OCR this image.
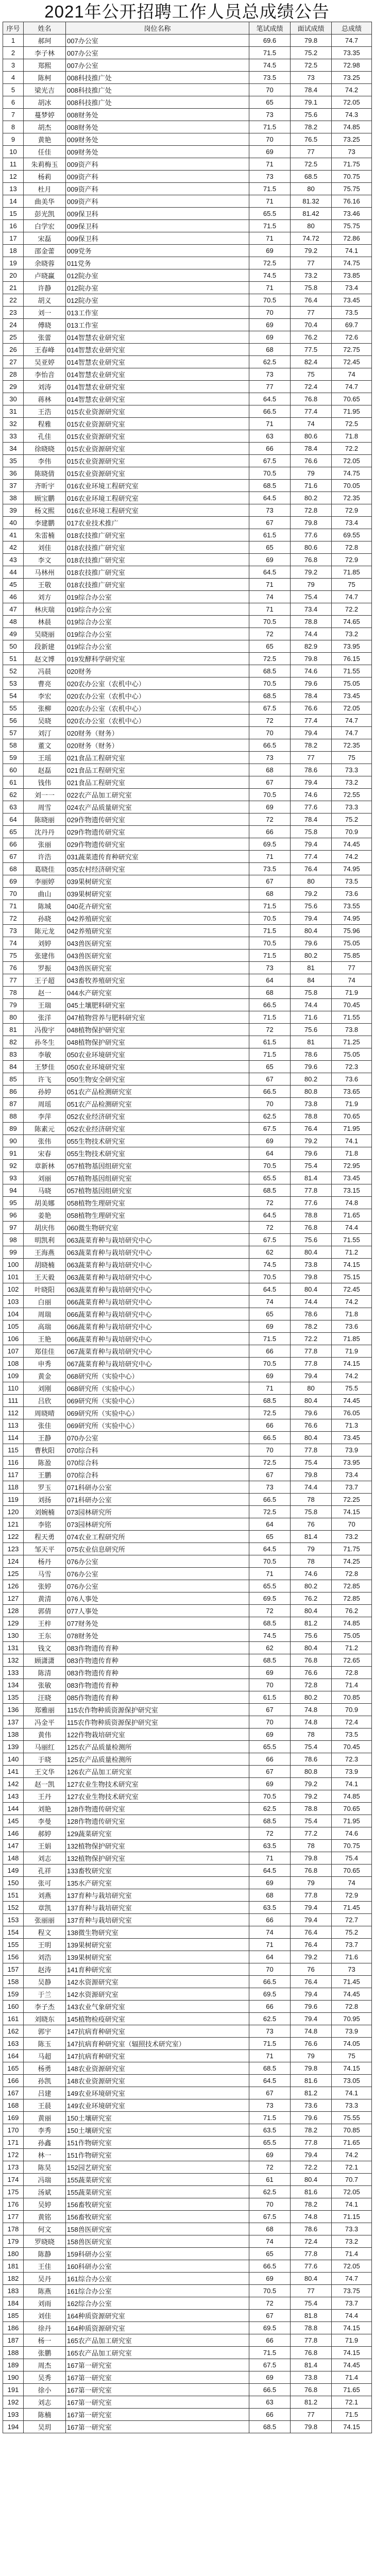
2021年公开招聘工作人员总成绩公告
序号	姓名	岗位名称	笔试成绩	面试成绩	总成绩
1	郝珂	007办公室	69.6	79.8	74.7
2	李子林	007办公室	71.5	75.2	73.35
3	郑熙	007办公室	74.5	72.5	72.98
4	陈柯	008科技推广处	73.5	73	73.25
5	梁光吉	008科技推广处	70	78.4	74.2
6	胡冰	008科技推广处	65	79.1	72.05
7	蔓梦婷	008财务处	73	75.6	74.3
8	胡杰	008财务处	71.5	78.2	74.85
9	黄艳	009财务处	70	76.5	73.25
10	任佳	009财务处	69	77	73
11	朱莉梅玉	009资产科	71	72.5	71.75
12	杨莉	009资产科	73	68.5	70.75
13	杜月	009资产科	71.5	80	75.75
14	曲美华	009资产科	71	81.32	76.16
15	彭光凯	009保卫科	65.5	81.42	73.46
16	白学宏	009保卫科	71.5	80	75.75
17	宋磊	009保卫科	71	74.72	72.86
18	邵金蕾	009党务	69	79.2	74.1
19	余晓蓉	011党务	72.5	77	74.75
20	卢晓赢	012院办室	74.5	73.2	73.85
21	许静	012院办室	71	75.8	73.4
22	胡义	012院办室	70.5	76.4	73.45
23	刘一	013工作室	70	77	73.5
24	傅晓	013工作室	69	70.4	69.7
25	张蕾	014智慧农业研究室	69	76.2	72.6
26	王春峰	014智慧农业研究室	68	77.5	72.75
27	吴亚婷	014智慧农业研究室	62.5	82.4	72.45
28	李怡音	014智慧农业研究室	73	75	74
29	刘涛	014智慧农业研究室	77	72.4	74.7
30	蒋林	014智慧农业研究室	64.5	76.8	70.65
31	王浩	015农业资源研究室	66.5	77.4	71.95
32	程雅	015农业资源研究室	71	74	72.5
33	孔佳	015农业资源研究室	63	80.6	71.8
34	徐晓晓	015农业资源研究室	66	78.4	72.2
35	李伟	015农业资源研究室	67.5	76.6	72.05
36	陈晓倩	015农业资源研究室	70.5	79	74.75
37	齐昕宇	016农业环境工程研究室	68.5	71.6	70.05
38	顾宝鹏	016农业环境工程研究室	64.5	80.2	72.35
39	杨文熙	016农业环境工程研究室	73	72.8	72.9
40	李建鹏	017农业技术推广	67	79.8	73.4
41	朱雷楠	018农技推广研究室	61.5	77.6	69.55
42	刘佳	018农技推广研究室	65	80.6	72.8
43	李文	018农技推广研究室	69	76.8	72.9
44	马林州	018农技推广研究室	64.5	79.2	71.85
45	王敬	018农技推广研究室	71	79	75
46	刘方	019综合办公室	74	75.4	74.7
47	林庆瑞	019综合办公室	71	73.4	72.2
48	林晨	019综合办公室	70.5	78.8	74.65
49	吴晓丽	019综合办公室	72	74.4	73.2
50	段新建	019综合办公室	65	82.9	73.95
51	赵文博	019发酵科学研究室	72.5	79.8	76.15
52	冯晨	020财务	68.5	74.6	71.55
53	曹亮	020农办公室（农机中心）	70.5	79.6	75.05
54	李宏	020农办公室（农机中心）	68.5	78.4	73.45
55	张柳	020农办公室（农机中心）	67.5	76.6	72.05
56	吴晓	020农办公室（农机中心）	72	77.4	74.7
57	刘汀	020财务（财务）	70	79.4	74.7
58	董文	020财务（财务）	66.5	78.2	72.35
59	王瑶	021食品工程研究室	73	77	75
60	赵磊	021食品工程研究室	68	78.6	73.3
61	钱伟	021食品工程研究室	67	79.4	73.2
62	刘一一	022农产品加工研究室	70.5	74.6	72.55
63	周雪	024农产品质量研究室	69	77.6	73.3
64	陈晓丽	029作物遗传研究室	72	78.4	75.2
65	沈丹丹	029作物遗传研究室	66	75.8	70.9
66	张丽	029作物遗传研究室	69.5	79.4	74.45
67	许浩	031蔬菜遗传育种研究室	71	77.4	74.2
68	葛晓佳	035农村经济研究室	73.5	76.4	74.95
69	李丽婷	039果树研究室	67	80	73.5
70	曲山	039果树研究室	68	79.2	73.6
71	陈城	040花卉研究室	71.5	75.6	73.55
72	孙晓	042养殖研究室	70.5	79.4	74.95
73	陈元龙	042养殖研究室	71.5	80.4	75.96
74	刘婷	043兽医研究室	70.5	79.6	75.05
75	张建伟	043兽医研究室	71.5	80.2	75.85
76	罗振	043兽医研究室	73	81	77
77	王子超	043畜牧养殖研究室	64	84	74
78	赵一	044水产研究室	68	75.8	71.9
79	王瑞	045土壤肥料研究室	66.5	74.4	70.45
80	张洋	047植物营养与肥料研究室	71.5	71.6	71.55
81	冯俊宇	048植物保护研究室	72	75.6	73.8
82	孙冬生	048植物保护研究室	61.5	81	71.25
83	李敏	050农业环境研究室	71.5	78.6	75.05
84	王梦佳	050农业环境研究室	65	79.6	72.3
85	许飞	050生物安全研究室	67	80.2	73.6
86	孙婷	051农产品检测研究室	66.5	80.8	73.65
87	周瑶	051农产品检测研究室	70	73.8	71.9
88	李萍	052农业经济研究室	62.5	78.8	70.65
89	陈素元	052农业经济研究室	67.5	76.4	71.95
90	张伟	055生物技术研究室	69	79.2	74.1
91	宋春	055生物技术研究室	64	79.6	71.8
92	章新林	057植物基因组研究室	70.5	75.4	72.95
93	刘丽	057植物基因组研究室	65.5	81.4	73.45
94	马晓	057植物基因组研究室	68.5	77.8	73.15
95	胡美娜	058植物生理研究室	72	77.6	74.8
96	姜艳	058植物生理研究室	64.5	78.8	71.65
97	胡庆伟	060微生物研究室	72	76.8	74.4
98	明凯利	063蔬菜育种与栽培研究中心	67.5	75.6	71.55
99	王海燕	063蔬菜育种与栽培研究中心	62	80.4	71.2
100	胡晓楠	063蔬菜育种与栽培研究中心	74.5	73.8	74.15
101	王天毅	063蔬菜育种与栽培研究中心	70.5	79.8	75.15
102	叶晓阳	063蔬菜育种与栽培研究中心	64.5	80.4	72.45
103	白丽	066蔬菜育种与栽培研究中心	74	74.4	74.2
104	周瑞	066蔬菜育种与栽培研究中心	65	78.6	71.8
105	高瑞	066蔬菜育种与栽培研究中心	69	78.2	73.6
106	王艳	066蔬菜育种与栽培研究中心	71.5	72.2	71.85
107	郑佳佳	067蔬菜育种与栽培研究中心	66	77.8	71.9
108	申秀	067蔬菜育种与栽培研究中心	70.5	77.8	74.15
109	黄金	068研究所（实验中心）	69	79.4	74.2
110	刘刚	068研究所（实验中心）	71	80	75.5
111	吕欣	069研究所（实验中心）	68.5	80.4	74.45
112	周晓晴	069研究所（实验中心）	72.5	79.6	76.05
113	张佳	069研究所（实验中心）	66	76.6	71.3
114	王静	070办公室	66.5	80.4	73.45
115	曹秋阳	070综合科	70	77.8	73.9
116	陈盈	070综合科	72.5	75.4	73.95
117	王鹏	070综合科	67	79.8	73.4
118	罗玉	071科研办公室	73	74.4	73.7
119	刘扬	071科研办公室	66.5	78	72.25
120	刘婉楠	073园林研究所	72.5	75.8	74.15
121	李铭	073园林研究所	64	76	70
122	程天勇	074农业工程研究所	65	81.4	73.2
123	邹天平	075农业信息研究所	64.5	79	71.75
124	杨丹	076办公室	70.5	78	74.25
125	马雪	076办公室	71	74.6	72.8
126	张婷	076办公室	65.5	80.2	72.85
127	黄清	076人事处	69.5	76.2	72.85
128	郭倩	077人事处	72	80.4	76.2
129	王梓	077财务处	68.5	81.2	74.85
130	王东	078财务处	74.5	75.6	75.05
131	钱文	083作物遗传育种	62	80.4	71.2
132	顾潇潇	083作物遗传育种	68.5	76.8	72.65
133	陈清	083作物遗传育种	69	76.6	72.8
134	张敏	083作物遗传育种	70	72.8	71.4
135	汪晓	085作物遗传育种	61.5	80.2	70.85
136	郑雅丽	115农作物种质资源保护研究室	67	74.8	70.9
137	冯金平	115农作物种质资源保护研究室	70	74.8	72.4
138	黄伟	122作物栽培研究室	69	78	73.5
139	马丽红	125农产品质量检测所	65.5	75.4	70.45
140	于晓	125农产品质量检测所	66	78.6	72.3
141	王文华	126农产品加工研究室	67	80.8	73.9
142	赵一凯	127农业生物技术研究室	69	79.2	74.1
143	王丹	127农业生物技术研究室	70.5	79.2	74.85
144	刘艳	128作物遗传研究室	62.5	78.8	70.65
145	李曼	128作物遗传研究室	68.5	75.4	71.95
146	郝婷	129蔬菜研究室	72	77.2	74.6
147	王娟	132植物保护研究室	63.5	78	70.75
148	刘志	132植物保护研究室	71	79.8	75.4
149	孔祥	133畜牧研究室	64.5	76.8	70.65
150	张可	135水产研究室	69	79	74
151	刘燕	137育种与栽培研究室	68	77.8	72.9
152	章凯	137育种与栽培研究室	63.5	79.4	71.45
153	张丽丽	137育种与栽培研究室	66	79.4	72.7
154	程文	138微生物研究室	74	76.4	75.2
155	王明	139果树研究室	71	76.4	73.7
156	刘浩	139果树研究室	64	79.2	71.6
157	赵涛	141育种研究室	70	76	73
158	吴静	142水资源研究室	66.5	76.4	71.45
159	于兰	142水资源研究室	69.5	79.4	74.45
160	李子杰	143农业气象研究室	66	79.6	72.8
161	刘晓东	145植物检疫研究室	62.5	79.4	70.95
162	郭宇	147抗病育种研究室	73	74.8	73.9
163	陈玉	147抗病育种研究室（辐照技术研究室）	71.5	76.6	74.05
164	马超	147抗病育种研究室	71	79	75
165	杨勇	148农业资源研究室	68.5	79.8	74.15
166	孙凯	148农业资源研究室	64.5	81.6	73.05
167	吕建	149农业环境研究室	67	81.2	74.1
168	王晨	149农业环境研究室	73	73.6	73.3
169	黄丽	150土壤研究室	71.5	79.6	75.55
170	李秀	150土壤研究室	63.5	78.2	70.85
171	孙鑫	151作物研究室	65.5	77.8	71.65
172	林一	151作物研究室	69	79.4	74.2
173	陈昊	152园艺研究室	72	72.2	72.1
174	冯瑞	155蔬菜研究室	61	80.4	70.7
175	汤斌	155蔬菜研究室	62.5	81.6	72.05
176	吴婷	156畜牧研究室	70	78.2	74.1
177	黄铭	156畜牧研究室	67.5	74.8	71.15
178	何文	158兽医研究室	68	78.6	73.3
179	罗晓晓	158兽医研究室	74	72.4	73.2
180	陈静	159科研办公室	65	77.8	71.4
181	王佳	160科研办公室	66.5	77.6	72.05
182	吴丹	161综合办公室	69	80.4	74.7
183	陈燕	161综合办公室	70.5	77	73.75
184	刘雨	162综合办公室	72	75.4	73.7
185	刘佳	164种质资源研究室	67	81.8	74.4
186	徐丹	164种质资源研究室	69.5	78.8	74.15
187	杨一	165农产品加工研究室	66	77.8	71.9
188	张鹏	165农产品加工研究室	71.5	76.8	74.15
189	周杰	167第一研究室	67.5	81.4	74.45
190	吴秀	167第一研究室	69	73.8	71.4
191	徐小	167第一研究室	66.5	76.8	71.65
192	刘志	167第一研究室	63	81.2	72.1
193	陈楠	167第一研究室	66	77	71.5
194	吴玥	167第一研究室	68.5	79.8	74.15
